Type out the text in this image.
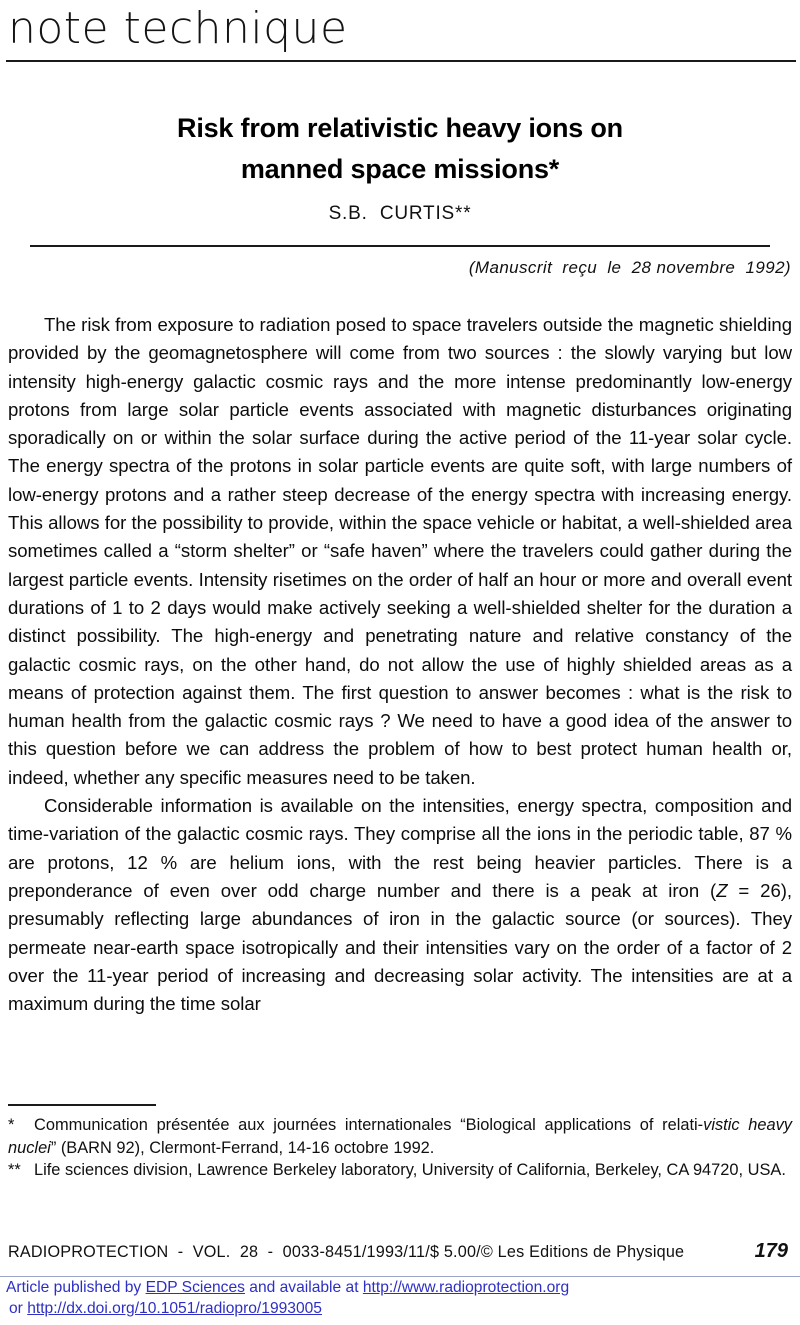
note technique
Risk from relativistic heavy ions on
manned space missions*
S.B.  CURTIS**
(Manuscrit  reçu  le  28 novembre  1992)

The risk from exposure to radiation posed to space travelers outside the magnetic shielding provided by the geomagnetosphere will come from two sources : the slowly varying but low intensity high-energy galactic cosmic rays and the more intense predominantly low-energy protons from large solar particle events associated with magnetic disturbances originating sporadically on or within the solar surface during the active period of the 11-year solar cycle. The energy spectra of the protons in solar particle events are quite soft, with large numbers of low-energy protons and a rather steep decrease of the energy spectra with increasing energy. This allows for the possibility to provide, within the space vehicle or habitat, a well-shielded area sometimes called a “storm shelter” or “safe haven” where the travelers could gather during the largest particle events. Intensity risetimes on the order of half an hour or more and overall event durations of 1 to 2 days would make actively seeking a well-shielded shelter for the duration a distinct possibility. The high-energy and penetrating nature and relative constancy of the galactic cosmic rays, on the other hand, do not allow the use of highly shielded areas as a means of protection against them. The first question to answer becomes : what is the risk to human health from the galactic cosmic rays ? We need to have a good idea of the answer to this question before we can address the problem of how to best protect human health or, indeed, whether any specific measures need to be taken.

Considerable information is available on the intensities, energy spectra, composition and time-variation of the galactic cosmic rays. They comprise all the ions in the periodic table, 87 % are protons, 12 % are helium ions, with the rest being heavier particles. There is a preponderance of even over odd charge number and there is a peak at iron (Z = 26), presumably reflecting large abundances of iron in the galactic source (or sources). They permeate near-earth space isotropically and their intensities vary on the order of a factor of 2 over the 11-year period of increasing and decreasing solar activity. The intensities are at a maximum during the time solar

* Communication présentée aux journées internationales “Biological applications of relati-vistic heavy nuclei” (BARN 92), Clermont-Ferrand, 14-16 octobre 1992.

** Life sciences division, Lawrence Berkeley laboratory, University of California, Berkeley, CA 94720, USA.

RADIOPROTECTION  -  VOL.  28  -  0033-8451/1993/11/$ 5.00/© Les Editions de Physique	179
Article published by EDP Sciences and available at http://www.radioprotection.org
or http://dx.doi.org/10.1051/radiopro/1993005
